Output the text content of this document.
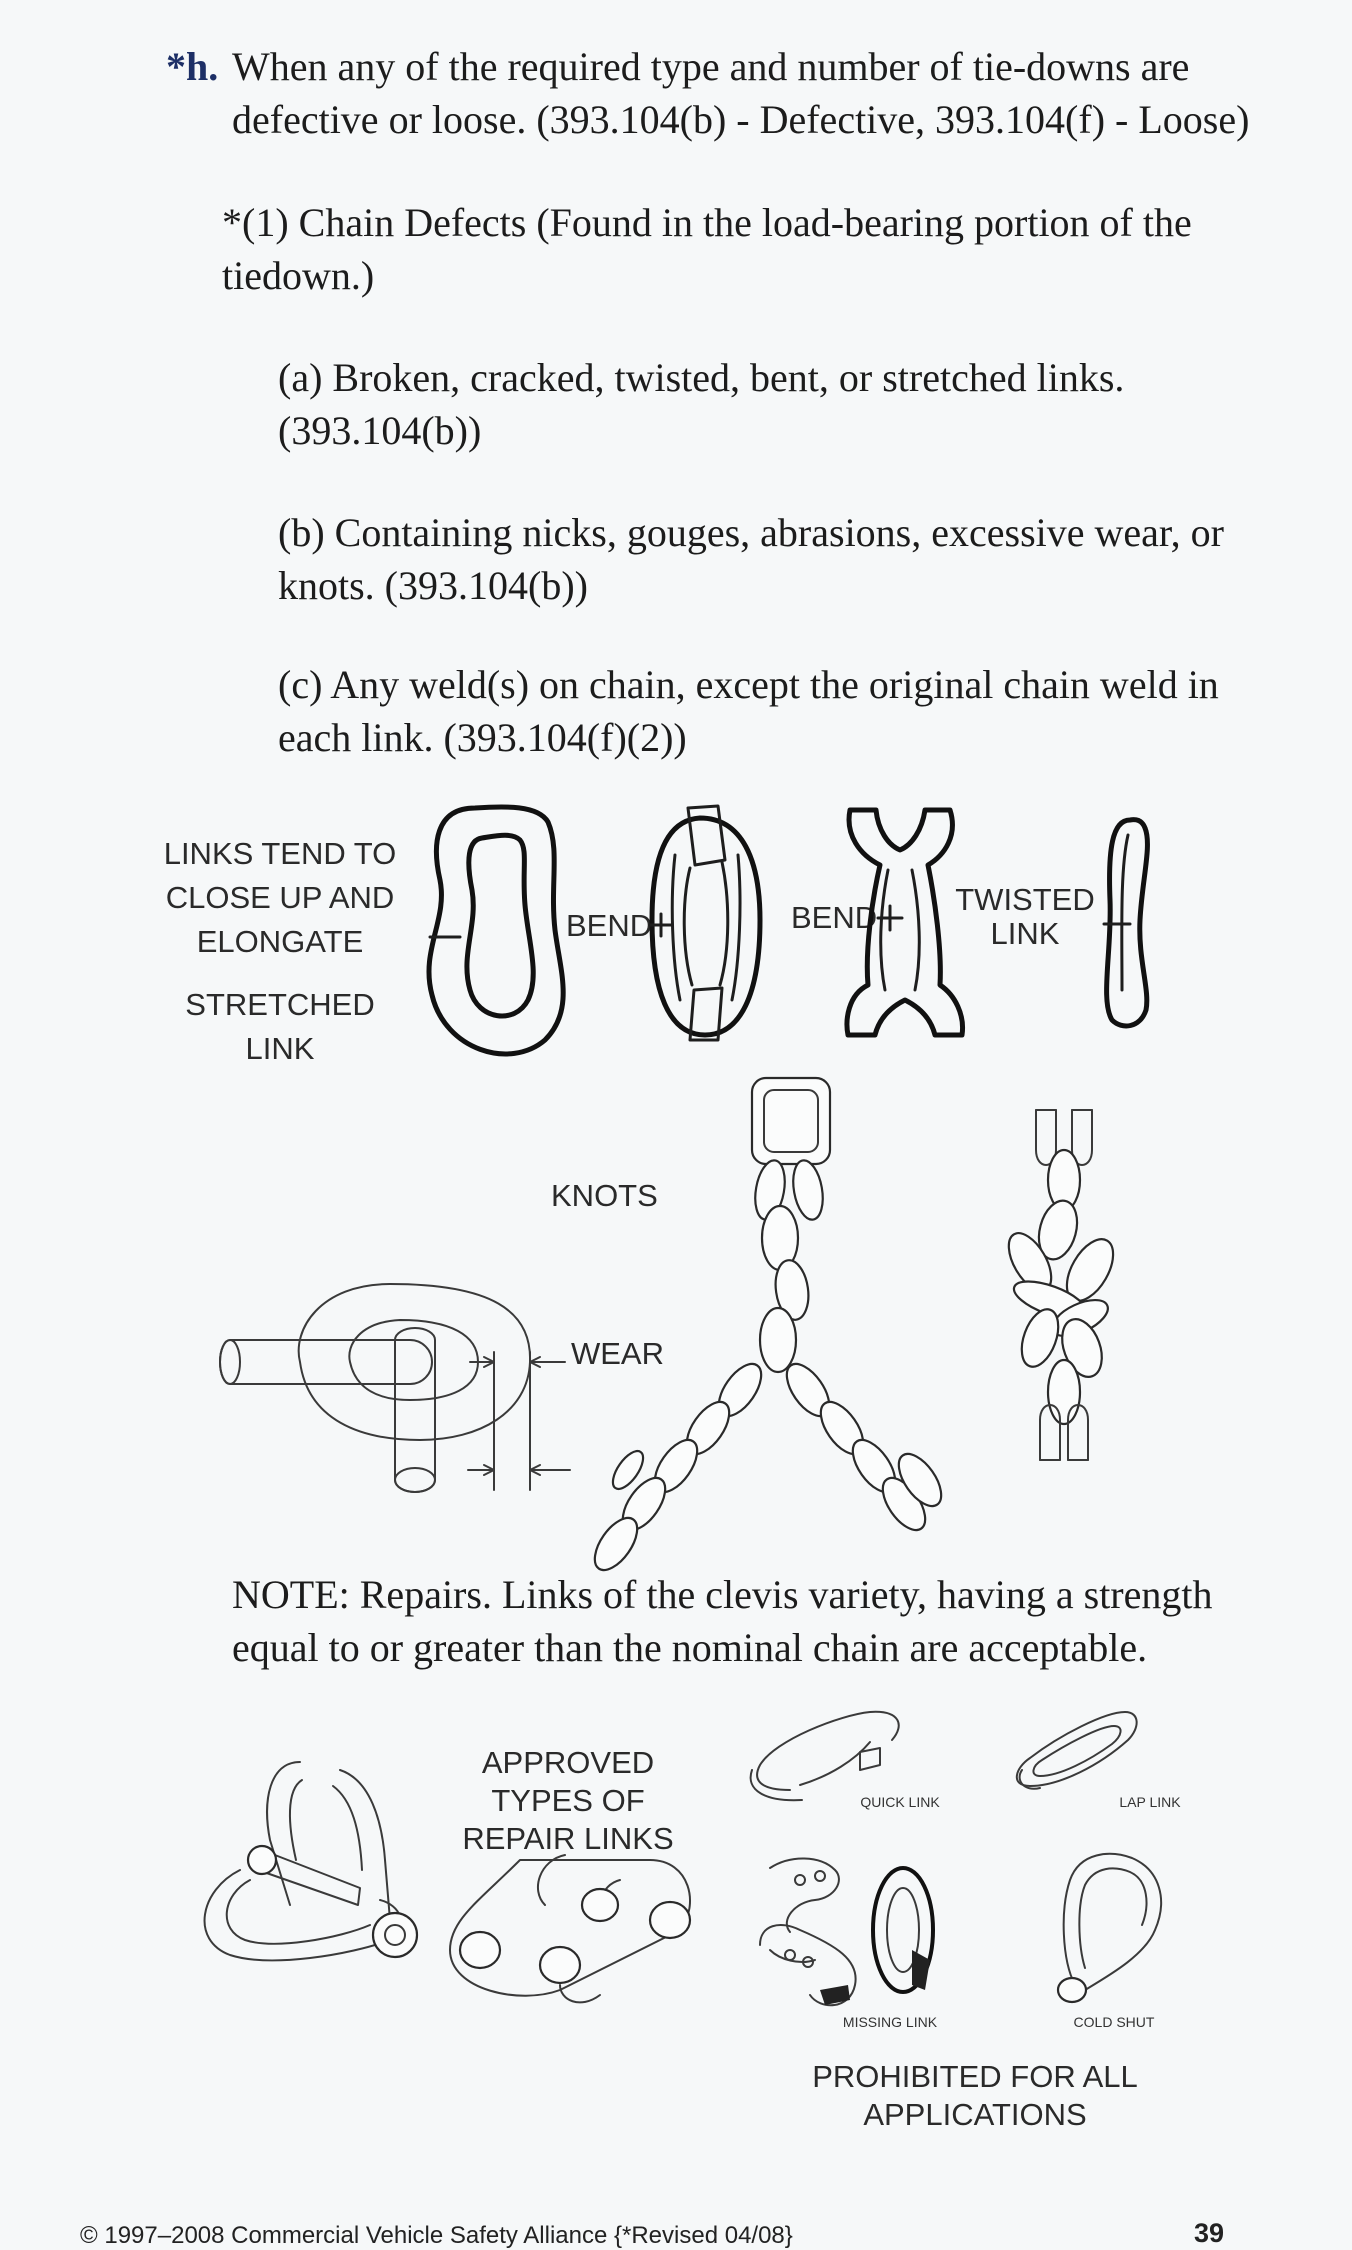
*h. When any of the required type and number of tie-downs are
defective or loose. (393.104(b) - Defective, 393.104(f) - Loose)
*(1) Chain Defects (Found in the load-bearing portion of the
tiedown.)
(a) Broken, cracked, twisted, bent, or stretched links.
(393.104(b))
(b) Containing nicks, gouges, abrasions, excessive wear, or
knots. (393.104(b))
(c) Any weld(s) on chain, except the original chain weld in
each link. (393.104(f)(2))
LINKS TEND TO
CLOSE UP AND
ELONGATE
STRETCHED LINK
BEND	BEND
TWISTED
LINK
KNOTS
WEAR
NOTE: Repairs. Links of the clevis variety, having a strength
equal to or greater than the nominal chain are acceptable.
APPROVED TYPES OF
REPAIR LINKS
QUICK LINK	LAP LINK
MISSING LINK	COLD SHUT
PROHIBITED FOR ALL
APPLICATIONS
© 1997–2008 Commercial Vehicle Safety Alliance {*Revised 04/08}	39
